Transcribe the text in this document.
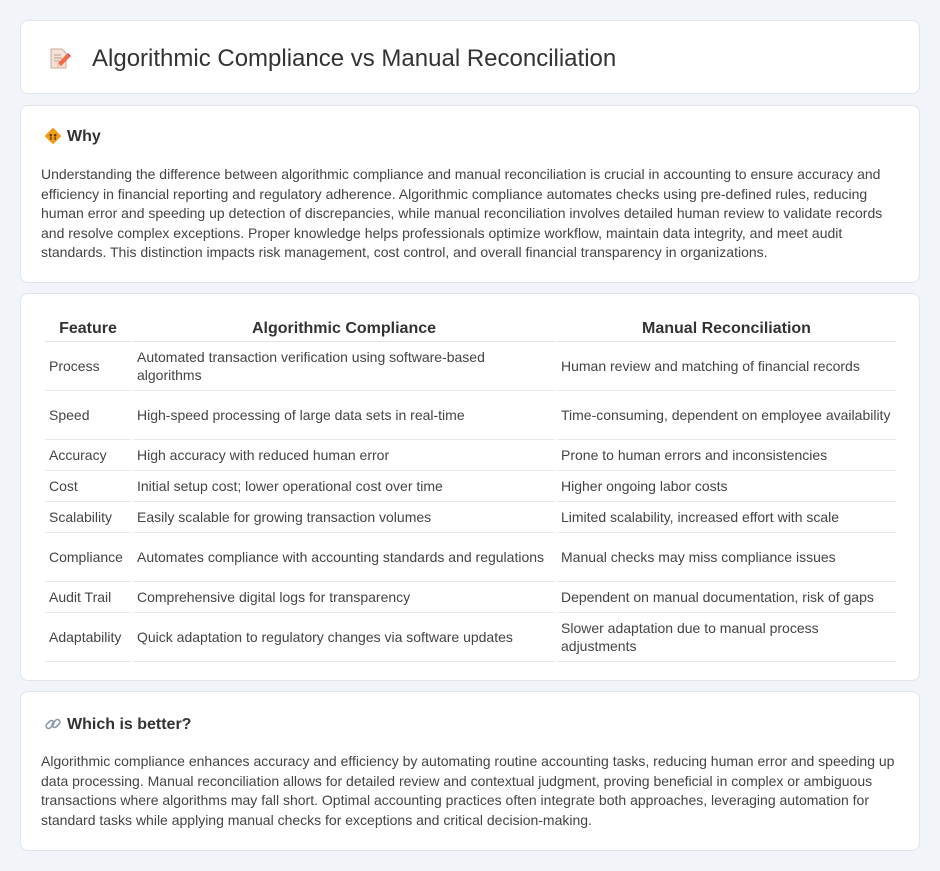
Algorithmic Compliance vs Manual Reconciliation
Why

Understanding the difference between algorithmic compliance and manual reconciliation is crucial in accounting to ensure accuracy and efficiency in financial reporting and regulatory adherence. Algorithmic compliance automates checks using pre-defined rules, reducing human error and speeding up detection of discrepancies, while manual reconciliation involves detailed human review to validate records and resolve complex exceptions. Proper knowledge helps professionals optimize workflow, maintain data integrity, and meet audit standards. This distinction impacts risk management, cost control, and overall financial transparency in organizations.

Feature	Algorithmic Compliance	Manual Reconciliation
Process	Automated transaction verification using software-based algorithms	Human review and matching of financial records
Speed	High-speed processing of large data sets in real-time	Time-consuming, dependent on employee availability
Accuracy	High accuracy with reduced human error	Prone to human errors and inconsistencies
Cost	Initial setup cost; lower operational cost over time	Higher ongoing labor costs
Scalability	Easily scalable for growing transaction volumes	Limited scalability, increased effort with scale
Compliance	Automates compliance with accounting standards and regulations	Manual checks may miss compliance issues
Audit Trail	Comprehensive digital logs for transparency	Dependent on manual documentation, risk of gaps
Adaptability	Quick adaptation to regulatory changes via software updates	Slower adaptation due to manual process adjustments
Which is better?

Algorithmic compliance enhances accuracy and efficiency by automating routine accounting tasks, reducing human error and speeding up data processing. Manual reconciliation allows for detailed review and contextual judgment, proving beneficial in complex or ambiguous transactions where algorithms may fall short. Optimal accounting practices often integrate both approaches, leveraging automation for standard tasks while applying manual checks for exceptions and critical decision-making.
